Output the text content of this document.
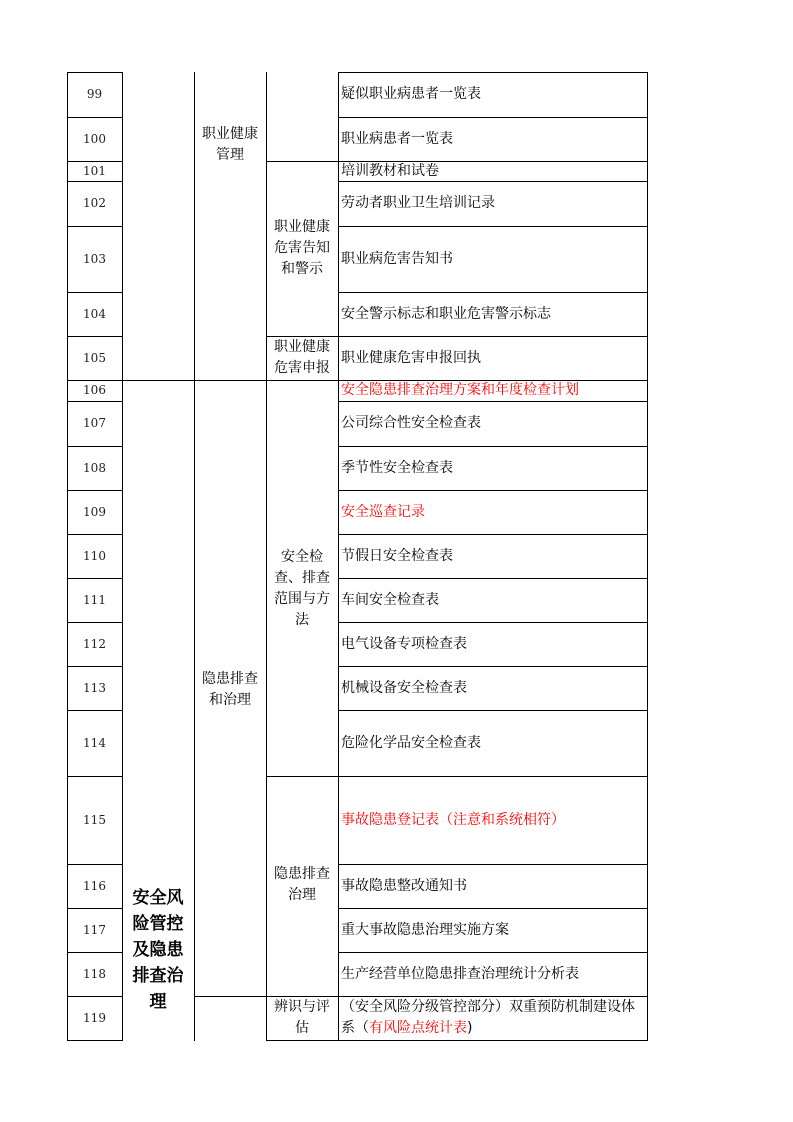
99
100
101
102
103
104
105
106
107
108
109
110
111
112
113
114
115
116
117
118
119
安全风险管控及隐患排查治理
职业健康管理
隐患排查和治理
职业健康危害告知和警示
职业健康危害申报
安全检查、排查范围与方法
隐患排查治理
辨识与评估
疑似职业病患者一览表
职业病患者一览表
培训教材和试卷
劳动者职业卫生培训记录
职业病危害告知书
安全警示标志和职业危害警示标志
职业健康危害申报回执
安全隐患排查治理方案和年度检查计划
公司综合性安全检查表
季节性安全检查表
安全巡查记录
节假日安全检查表
车间安全检查表
电气设备专项检查表
机械设备安全检查表
危险化学品安全检查表
事故隐患登记表（注意和系统相符）
事故隐患整改通知书
重大事故隐患治理实施方案
生产经营单位隐患排查治理统计分析表
（安全风险分级管控部分）双重预防机制建设体系（有风险点统计表)
